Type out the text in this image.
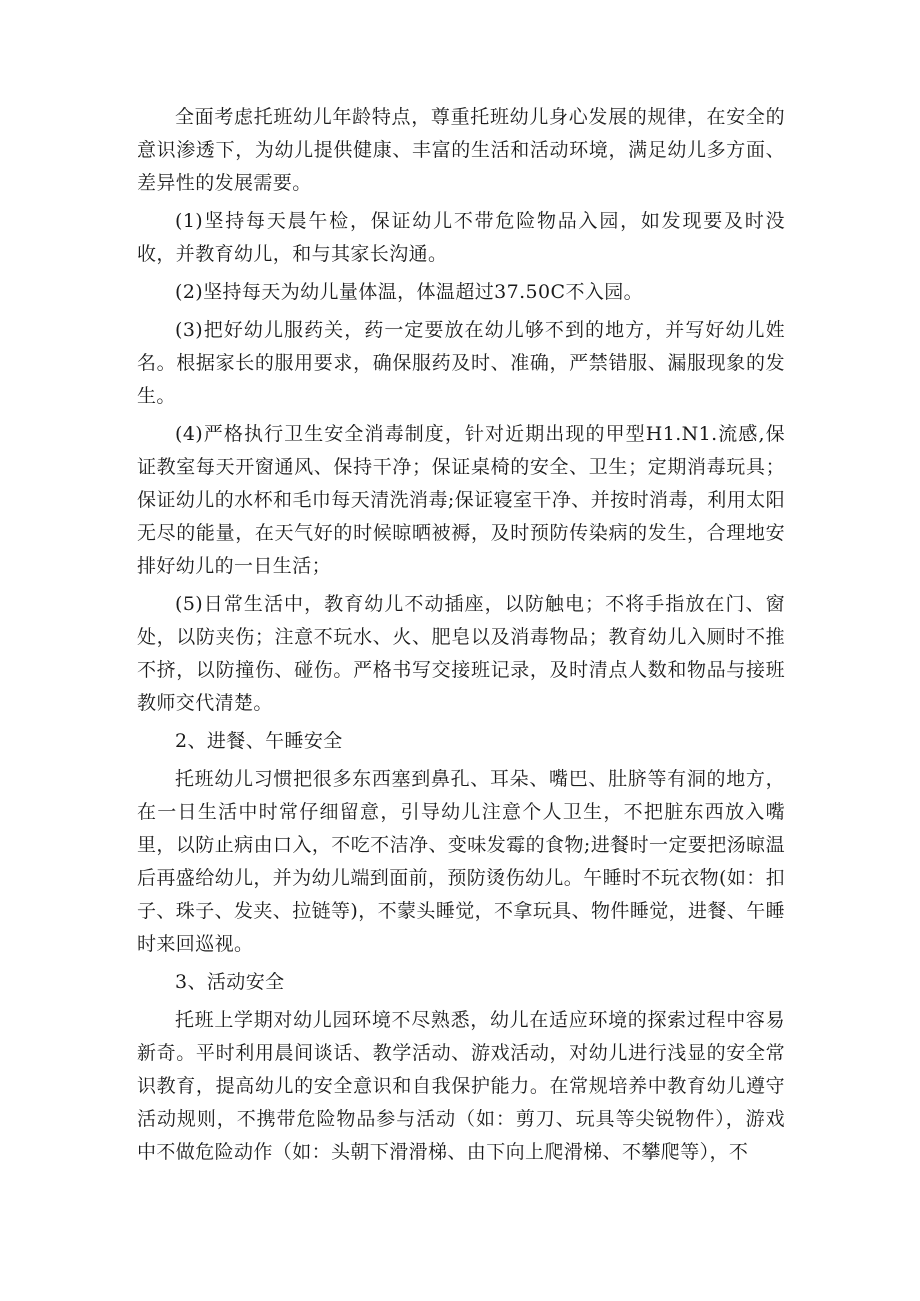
全面考虑托班幼儿年龄特点，尊重托班幼儿身心发展的规律，在安全的意识渗透下，为幼儿提供健康、丰富的生活和活动环境，满足幼儿多方面、差异性的发展需要。

(1)坚持每天晨午检，保证幼儿不带危险物品入园，如发现要及时没收，并教育幼儿，和与其家长沟通。

(2)坚持每天为幼儿量体温，体温超过37.50C不入园。

(3)把好幼儿服药关，药一定要放在幼儿够不到的地方，并写好幼儿姓名。根据家长的服用要求，确保服药及时、准确，严禁错服、漏服现象的发生。

(4)严格执行卫生安全消毒制度，针对近期出现的甲型H1.N1.流感,保证教室每天开窗通风、保持干净；保证桌椅的安全、卫生；定期消毒玩具；保证幼儿的水杯和毛巾每天清洗消毒;保证寝室干净、并按时消毒，利用太阳无尽的能量，在天气好的时候晾晒被褥，及时预防传染病的发生，合理地安排好幼儿的一日生活；

(5)日常生活中，教育幼儿不动插座，以防触电；不将手指放在门、窗处，以防夹伤；注意不玩水、火、肥皂以及消毒物品；教育幼儿入厕时不推不挤，以防撞伤、碰伤。严格书写交接班记录，及时清点人数和物品与接班教师交代清楚。

2、进餐、午睡安全

托班幼儿习惯把很多东西塞到鼻孔、耳朵、嘴巴、肚脐等有洞的地方，在一日生活中时常仔细留意，引导幼儿注意个人卫生，不把脏东西放入嘴里，以防止病由口入，不吃不洁净、变味发霉的食物;进餐时一定要把汤晾温后再盛给幼儿，并为幼儿端到面前，预防烫伤幼儿。午睡时不玩衣物(如：扣子、珠子、发夹、拉链等)，不蒙头睡觉，不拿玩具、物件睡觉，进餐、午睡时来回巡视。

3、活动安全

托班上学期对幼儿园环境不尽熟悉，幼儿在适应环境的探索过程中容易新奇。平时利用晨间谈话、教学活动、游戏活动，对幼儿进行浅显的安全常识教育，提高幼儿的安全意识和自我保护能力。在常规培养中教育幼儿遵守活动规则，不携带危险物品参与活动（如：剪刀、玩具等尖锐物件），游戏中不做危险动作（如：头朝下滑滑梯、由下向上爬滑梯、不攀爬等），不
